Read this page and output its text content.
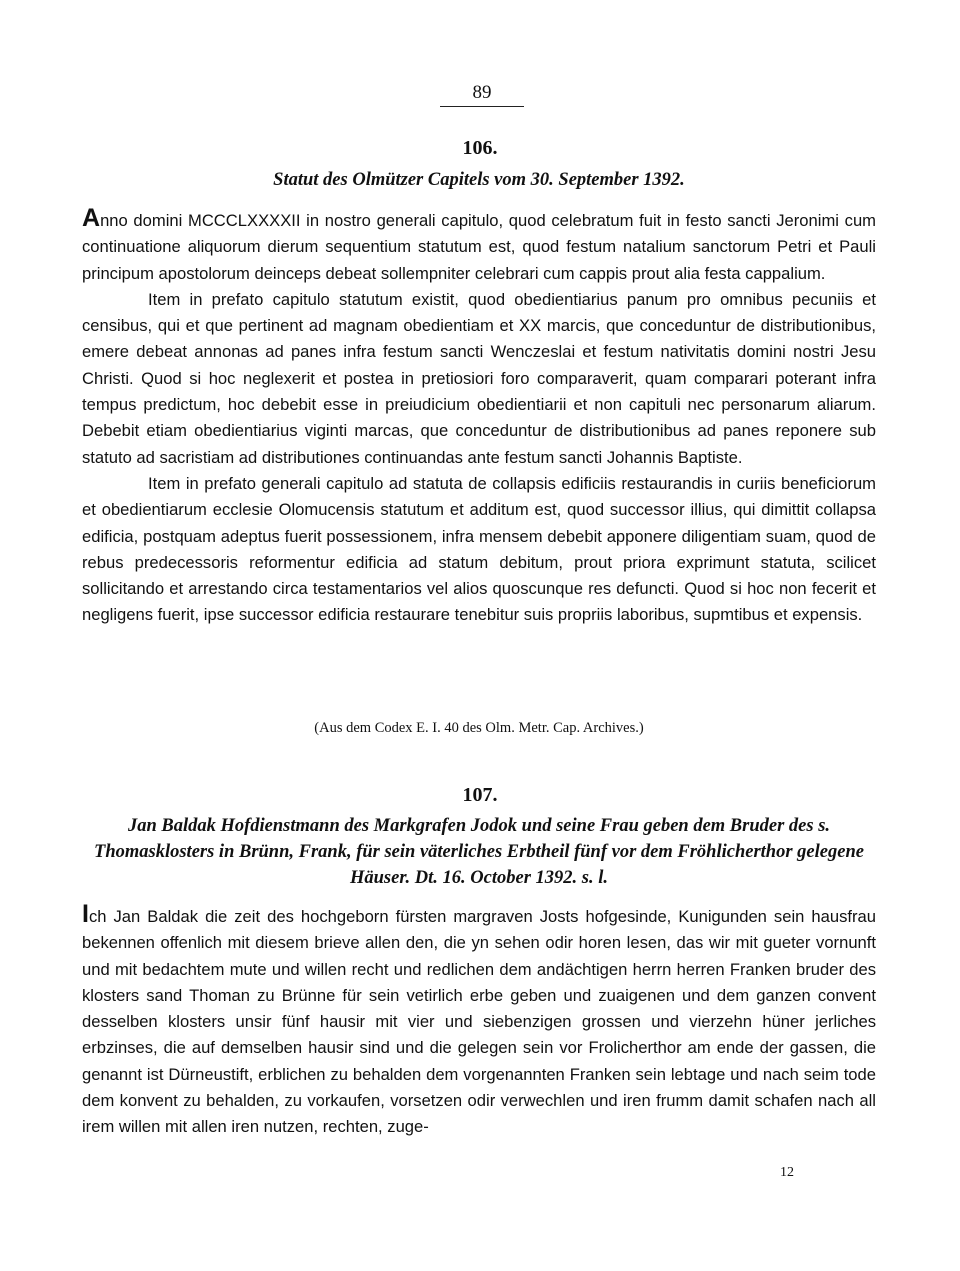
89
106.
Statut des Olmützer Capitels vom 30. September 1392.

Anno domini MCCCLXXXXII in nostro generali capitulo, quod celebratum fuit in festo sancti Jeronimi cum continuatione aliquorum dierum sequentium statutum est, quod festum natalium sanctorum Petri et Pauli principum apostolorum deinceps debeat sollempniter celebrari cum cappis prout alia festa cappalium.

Item in prefato capitulo statutum existit, quod obedientiarius panum pro omnibus pecuniis et censibus, qui et que pertinent ad magnam obedientiam et XX marcis, que conceduntur de distributionibus, emere debeat annonas ad panes infra festum sancti Wenczeslai et festum nativitatis domini nostri Jesu Christi. Quod si hoc neglexerit et postea in pretiosiori foro comparaverit, quam comparari poterant infra tempus predictum, hoc debebit esse in preiudicium obedientiarii et non capituli nec personarum aliarum. Debebit etiam obedientiarius viginti marcas, que conceduntur de distributionibus ad panes reponere sub statuto ad sacristiam ad distributiones continuandas ante festum sancti Johannis Baptiste.

Item in prefato generali capitulo ad statuta de collapsis edificiis restaurandis in curiis beneficiorum et obedientiarum ecclesie Olomucensis statutum et additum est, quod successor illius, qui dimittit collapsa edificia, postquam adeptus fuerit possessionem, infra mensem debebit apponere diligentiam suam, quod de rebus predecessoris reformentur edificia ad statum debitum, prout priora exprimunt statuta, scilicet sollicitando et arrestando circa testamentarios vel alios quoscunque res defuncti. Quod si hoc non fecerit et negligens fuerit, ipse successor edificia restaurare tenebitur suis propriis laboribus, supmtibus et expensis.

(Aus dem Codex E. I. 40 des Olm. Metr. Cap. Archives.)
107.
Jan Baldak Hofdienstmann des Markgrafen Jodok und seine Frau geben dem Bruder des s. Thomasklosters in Brünn, Frank, für sein väterliches Erbtheil fünf vor dem Fröhlicherthor gelegene Häuser. Dt. 16. October 1392. s. l.

Ich Jan Baldak die zeit des hochgeborn fürsten margraven Josts hofgesinde, Kunigunden sein hausfrau bekennen offenlich mit diesem brieve allen den, die yn sehen odir horen lesen, das wir mit gueter vornunft und mit bedachtem mute und willen recht und redlichen dem andächtigen herrn herren Franken bruder des klosters sand Thoman zu Brünne für sein vetirlich erbe geben und zuaigenen und dem ganzen convent desselben klosters unsir fünf hausir mit vier und siebenzigen grossen und vierzehn hüner jerliches erbzinses, die auf demselben hausir sind und die gelegen sein vor Frolicherthor am ende der gassen, die genannt ist Dürneustift, erblichen zu behalden dem vorgenannten Franken sein lebtage und nach seim tode dem konvent zu behalden, zu vorkaufen, vorsetzen odir verwechlen und iren frumm damit schafen nach all irem willen mit allen iren nutzen, rechten, zuge-

12
